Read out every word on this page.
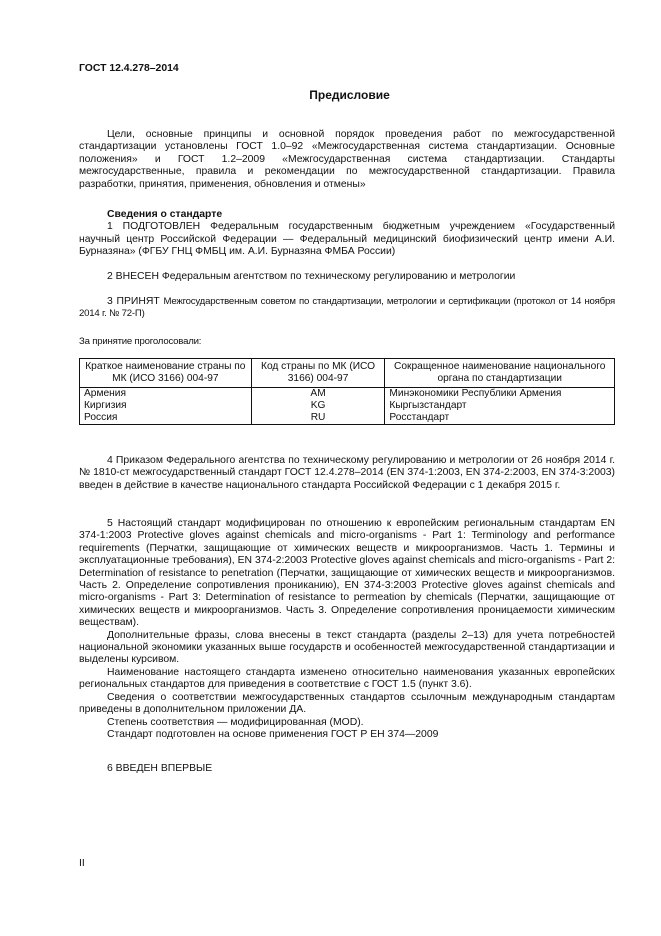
ГОСТ 12.4.278–2014
Предисловие

Цели, основные принципы и основной порядок проведения работ по межгосударственной стандартизации установлены ГОСТ 1.0–92 «Межгосударственная система стандартизации. Основные положения» и ГОСТ 1.2–2009 «Межгосударственная система стандартизации. Стандарты межгосударственные, правила и рекомендации по межгосударственной стандартизации. Правила разработки, принятия, применения, обновления и отмены»

Сведения о стандарте

1 ПОДГОТОВЛЕН Федеральным государственным бюджетным учреждением «Государственный научный центр Российской Федерации — Федеральный медицинский биофизический центр имени А.И. Бурназяна» (ФГБУ ГНЦ ФМБЦ им. А.И. Бурназяна ФМБА России)

2 ВНЕСЕН Федеральным агентством по техническому регулированию и метрологии

3 ПРИНЯТ Межгосударственным советом по стандартизации, метрологии и сертификации (протокол от 14 ноября 2014 г. № 72-П)

За принятие проголосовали:

Краткое наименование страны по МК (ИСО 3166) 004-97	Код страны по МК (ИСО 3166) 004-97	Сокращенное наименование национального органа по стандартизации
Армения	AM	Минэкономики Республики Армения
Киргизия	KG	Кыргызстандарт
Россия	RU	Росстандарт

4 Приказом Федерального агентства по техническому регулированию и метрологии от 26 ноября 2014 г. № 1810-ст межгосударственный стандарт ГОСТ 12.4.278–2014 (EN 374-1:2003, EN 374-2:2003, EN 374-3:2003) введен в действие в качестве национального стандарта Российской Федерации с 1 декабря 2015 г.

5 Настоящий стандарт модифицирован по отношению к европейским региональным стандартам EN 374-1:2003 Protective gloves against chemicals and micro-organisms - Part 1: Terminology and performance requirements (Перчатки, защищающие от химических веществ и микроорганизмов. Часть 1. Термины и эксплуатационные требования), EN 374-2:2003 Protective gloves against chemicals and micro-organisms - Part 2: Determination of resistance to penetration (Перчатки, защищающие от химических веществ и микроорганизмов. Часть 2. Определение сопротивления прониканию), EN 374-3:2003 Protective gloves against chemicals and micro-organisms - Part 3: Determination of resistance to permeation by chemicals (Перчатки, защищающие от химических веществ и микроорганизмов. Часть 3. Определение сопротивления проницаемости химическим веществам).

Дополнительные фразы, слова внесены в текст стандарта (разделы 2–13) для учета потребностей национальной экономики указанных выше государств и особенностей межгосударственной стандартизации и выделены курсивом.

Наименование настоящего стандарта изменено относительно наименования указанных европейских региональных стандартов для приведения в соответствие с ГОСТ 1.5 (пункт 3.6).

Сведения о соответствии межгосударственных стандартов ссылочным международным стандартам приведены в дополнительном приложении ДА.

Степень соответствия — модифицированная (MOD).

Стандарт подготовлен на основе применения ГОСТ Р ЕН 374—2009

6 ВВЕДЕН ВПЕРВЫЕ

II
